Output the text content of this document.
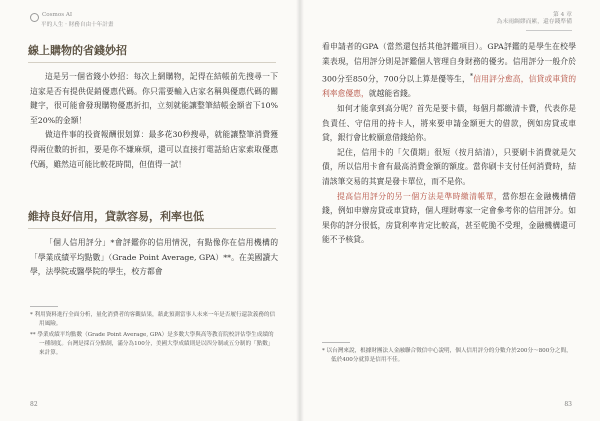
Cosmos AI
平的人生 · 財務自由十年計畫
線上購物的省錢妙招

這是另一個省錢小妙招：每次上網購物，記得在結帳前先搜尋一下這家是否有提供促銷優惠代碼。你只需要輸入店家名稱與優惠代碼的關鍵字，很可能會發現購物優惠折扣，立刻就能讓整筆結帳金額省下10%至20%的金額！

做這件事的投資報酬很划算：最多花30秒搜尋，就能讓整筆消費獲得兩位數的折扣，要是你不嫌麻煩，還可以直接打電話給店家索取優惠代碼，雖然這可能比較花時間，但值得一試！

維持良好信用，貸款容易，利率也低

「個人信用評分」*會評鑑你的信用情況，有點像你在信用機構的「學業成績平均點數」（Grade Point Average, GPA）**。在美國讀大學，法學院或醫學院的學生，校方都會

* 利用資料進行全面分析，量化消費者的客觀結果，藉此預測當事人未來一年是否履行還款義務的信用風險。

** 學業成績平均點數（Grade Point Average, GPA）是多數大學與高等教育院校評估學生成績的一種制度。台灣是採百分點制，滿分為100分，美國大學成績則是以四分制或五分制的「點數」來計算。

82
第 4 章
為未雨綢繆而累，還存錢準備

看申請者的GPA（當然還包括其他評鑑項目）。GPA評鑑的是學生在校學業表現，信用評分則是評鑑個人管理自身財務的優劣。信用評分一般介於300分至850分，700分以上算是優等生，*信用評分愈高，信貸或車貸的利率愈優惠，就越能省錢。

如何才能拿到高分呢？首先是要卡債，每個月都繳清卡費，代表你是負責任、守信用的持卡人，將來要申請金額更大的借款，例如房貸或車貸，銀行會比較願意借錢給你。

記住，信用卡的「欠債期」很短（按月結清），只要刷卡消費就是欠債，所以信用卡會有最高消費金額的額度。當你刷卡支付任何消費時，結清該筆交易的其實是發卡單位，而不是你。

提高信用評分的另一個方法是準時繳清帳單，當你想在金融機構借錢，例如申辦房貸或車貸時，個人理財專家一定會參考你的信用評分。如果你的評分很低，房貸利率肯定比較高，甚至乾脆不受理，金融機構還可能不予核貸。

* 以台灣來說，根據財團法人金融聯合徵信中心說明，個人信用評分的分數介於200分～800分之間，低於400分就算是信用不佳。

83
